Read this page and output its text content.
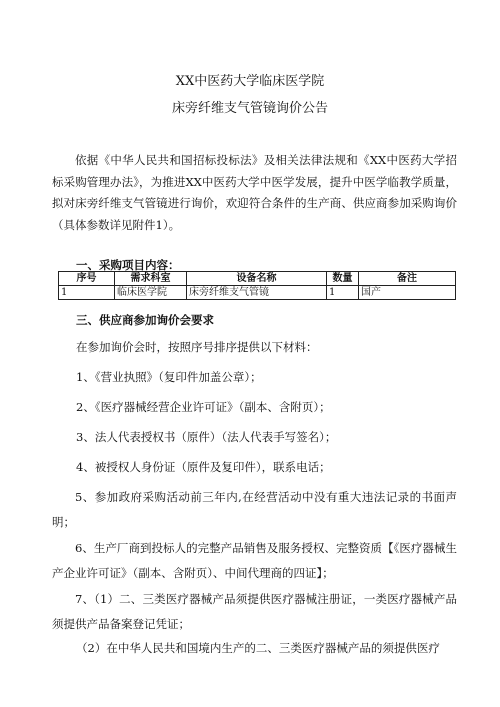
XX中医药大学临床医学院
床旁纤维支气管镜询价公告
依据《中华人民共和国招标投标法》及相关法律法规和《XX中医药大学招标采购管理办法》，为推进XX中医药大学中医学发展，提升中医学临教学质量，拟对床旁纤维支气管镜进行询价，欢迎符合条件的生产商、供应商参加采购询价（具体参数详见附件1）。
一、采购项目内容：
序号	需求科室	设备名称	数量	备注
1	临床医学院	床旁纤维支气管镜	1	国产
三、供应商参加询价会要求
在参加询价会时，按照序号排序提供以下材料：
1、《营业执照》（复印件加盖公章）；
2、《医疗器械经营企业许可证》（副本、含附页）；
3、法人代表授权书（原件）（法人代表手写签名）；
4、被授权人身份证（原件及复印件），联系电话；
5、参加政府采购活动前三年内,在经营活动中没有重大违法记录的书面声明；
6、生产厂商到投标人的完整产品销售及服务授权、完整资质【《医疗器械生产企业许可证》（副本、含附页）、中间代理商的四证】；
7、（1）二、三类医疗器械产品须提供医疗器械注册证，一类医疗器械产品须提供产品备案登记凭证；
（2）在中华人民共和国境内生产的二、三类医疗器械产品的须提供医疗
